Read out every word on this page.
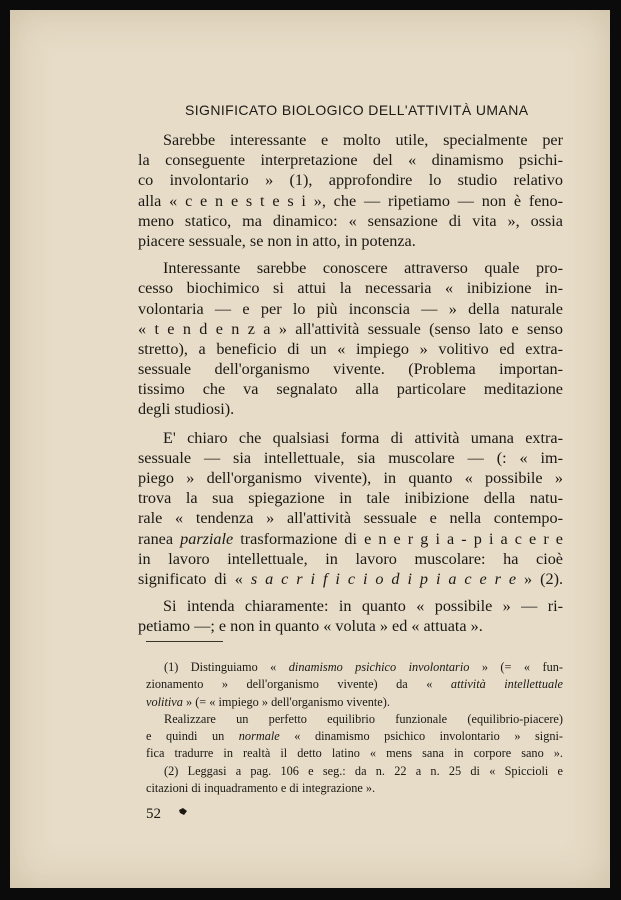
SIGNIFICATO BIOLOGICO DELL'ATTIVITÀ UMANA
Sarebbe interessante e molto utile, specialmente per
la conseguente interpretazione del « dinamismo psichi-
co involontario » (1), approfondire lo studio relativo
alla « c e n e s t e s i », che — ripetiamo — non è feno-
meno statico, ma dinamico: « sensazione di vita », ossia
piacere sessuale, se non in atto, in potenza.
Interessante sarebbe conoscere attraverso quale pro-
cesso biochimico si attui la necessaria « inibizione in-
volontaria — e per lo più inconscia — » della naturale
« t e n d e n z a » all'attività sessuale (senso lato e senso
stretto), a beneficio di un « impiego » volitivo ed extra-
sessuale dell'organismo vivente. (Problema importan-
tissimo che va segnalato alla particolare meditazione
degli studiosi).
E' chiaro che qualsiasi forma di attività umana extra-
sessuale — sia intellettuale, sia muscolare — (: « im-
piego » dell'organismo vivente), in quanto « possibile »
trova la sua spiegazione in tale inibizione della natu-
rale « tendenza » all'attività sessuale e nella contempo-
ranea parziale trasformazione di e n e r g i a - p i a c e r e
in lavoro intellettuale, in lavoro muscolare: ha cioè
significato di « s a c r i f i c i o d i p i a c e r e » (2).
Si intenda chiaramente: in quanto « possibile » — ri-
petiamo —; e non in quanto « voluta » ed « attuata ».
(1) Distinguiamo « dinamismo psichico involontario » (= « fun-
zionamento » dell'organismo vivente) da « attività intellettuale
volitiva » (= « impiego » dell'organismo vivente).
Realizzare un perfetto equilibrio funzionale (equilibrio-piacere)
e quindi un normale « dinamismo psichico involontario » signi-
fica tradurre in realtà il detto latino « mens sana in corpore sano ».
(2) Leggasi a pag. 106 e seg.: da n. 22 a n. 25 di « Spiccioli e
citazioni di inquadramento e di integrazione ».
52
